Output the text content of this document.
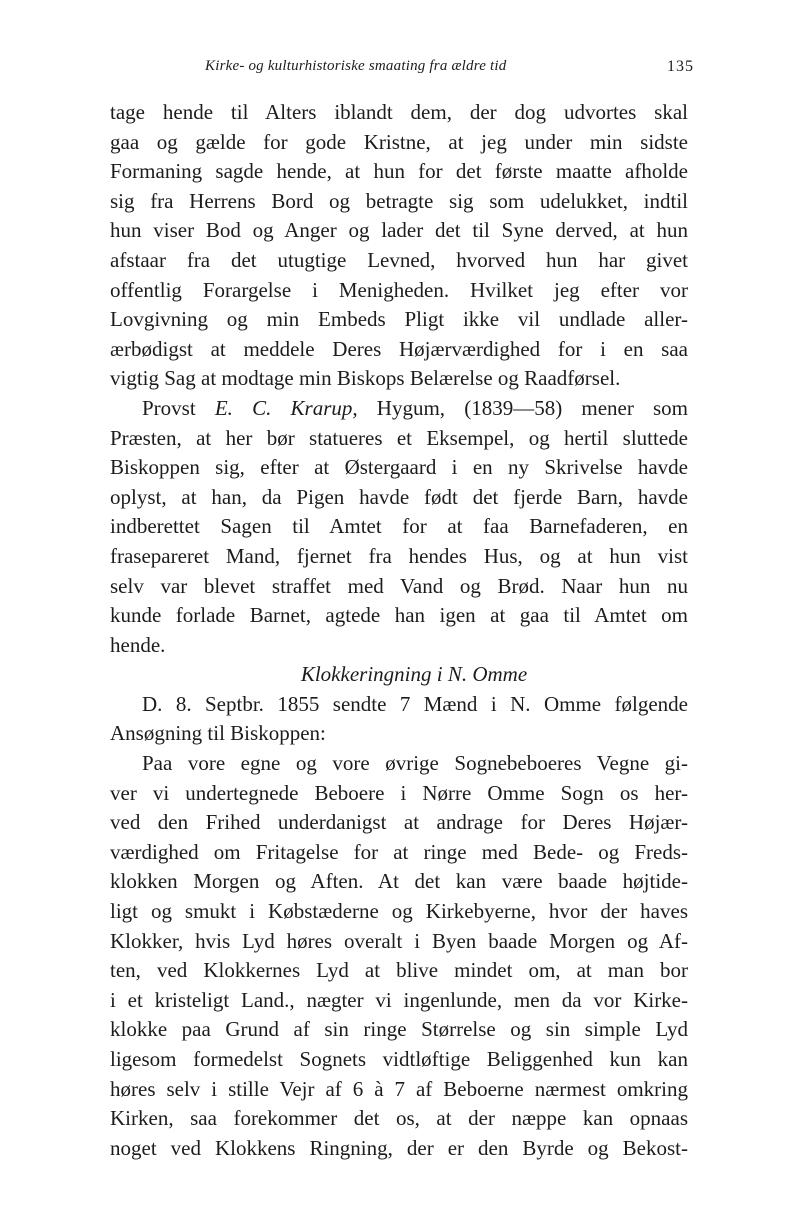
Kirke- og kulturhistoriske smaating fra ældre tid	135

tage hende til Alters iblandt dem, der dog udvortes skal
gaa og gælde for gode Kristne, at jeg under min sidste
Formaning sagde hende, at hun for det første maatte afholde
sig fra Herrens Bord og betragte sig som udelukket, indtil
hun viser Bod og Anger og lader det til Syne derved, at hun
afstaar fra det utugtige Levned, hvorved hun har givet
offentlig Forargelse i Menigheden. Hvilket jeg efter vor
Lovgivning og min Embeds Pligt ikke vil undlade aller-
ærbødigst at meddele Deres Højærværdighed for i en saa
vigtig Sag at modtage min Biskops Belærelse og Raadførsel.

Provst E. C. Krarup, Hygum, (1839—58) mener som
Præsten, at her bør statueres et Eksempel, og hertil sluttede
Biskoppen sig, efter at Østergaard i en ny Skrivelse havde
oplyst, at han, da Pigen havde født det fjerde Barn, havde
indberettet Sagen til Amtet for at faa Barnefaderen, en
fraseparеret Mand, fjernet fra hendes Hus, og at hun vist
selv var blevet straffet med Vand og Brød. Naar hun nu
kunde forlade Barnet, agtede han igen at gaa til Amtet om
hende.

Klokkeringning i N. Omme

D. 8. Septbr. 1855 sendte 7 Mænd i N. Omme følgende
Ansøgning til Biskoppen:

Paa vore egne og vore øvrige Sognebeboeres Vegne gi-
ver vi undertegnede Beboere i Nørre Omme Sogn os her-
ved den Frihed underdanigst at andrage for Deres Højær-
værdighed om Fritagelse for at ringe med Bede- og Freds-
klokken Morgen og Aften. At det kan være baade højtide-
ligt og smukt i Købstæderne og Kirkebyerne, hvor der haves
Klokker, hvis Lyd høres overalt i Byen baade Morgen og Af-
ten, ved Klokkernes Lyd at blive mindet om, at man bor
i et kristeligt Land., nægter vi ingenlunde, men da vor Kirke-
klokke paa Grund af sin ringe Størrelse og sin simple Lyd
ligesom formedelst Sognets vidtløftige Beliggenhed kun kan
høres selv i stille Vejr af 6 à 7 af Beboerne nærmest omkring
Kirken, saa forekommer det os, at der næppe kan opnaas
noget ved Klokkens Ringning, der er den Byrde og Bekost-
